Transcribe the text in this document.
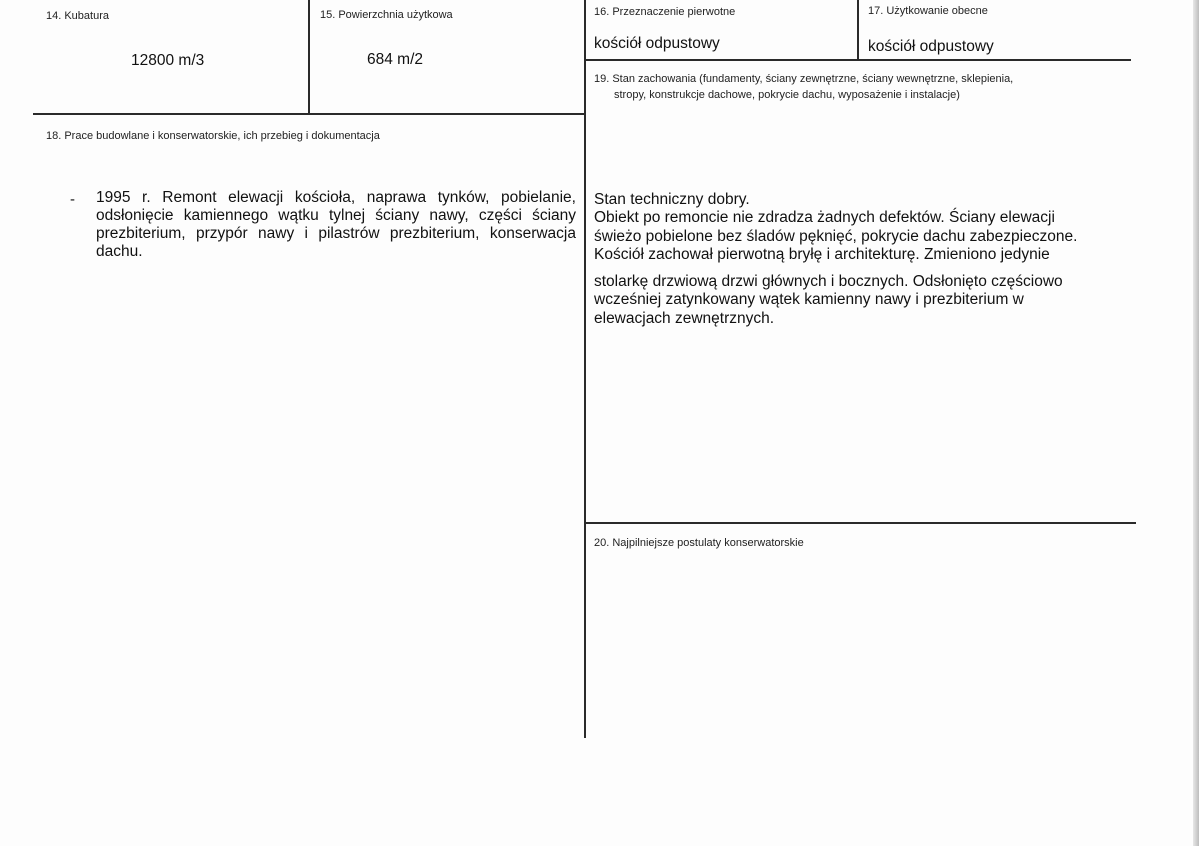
14. Kubatura
12800 m/3
15. Powierzchnia użytkowa
684 m/2
16. Przeznaczenie pierwotne
kościół odpustowy
17. Użytkowanie obecne
kościół odpustowy
18. Prace budowlane i konserwatorskie, ich przebieg i dokumentacja
- 1995 r. Remont elewacji kościoła, naprawa tynków, pobielanie, odsłonięcie kamiennego wątku tylnej ściany nawy, części ściany prezbiterium, przypór nawy i pilastrów prezbiterium, konserwacja dachu.
19. Stan zachowania (fundamenty, ściany zewnętrzne, ściany wewnętrzne, sklepienia,
stropy, konstrukcje dachowe, pokrycie dachu, wyposażenie i instalacje)
Stan techniczny dobry.
Obiekt po remoncie nie zdradza żadnych defektów. Ściany elewacji
świeżo pobielone bez śladów pęknięć, pokrycie dachu zabezpieczone.
Kościół zachował pierwotną bryłę i architekturę. Zmieniono jedynie
stolarkę drzwiową drzwi głównych i bocznych. Odsłonięto częściowo
wcześniej zatynkowany wątek kamienny nawy i prezbiterium w
elewacjach zewnętrznych.
20. Najpilniejsze postulaty konserwatorskie
